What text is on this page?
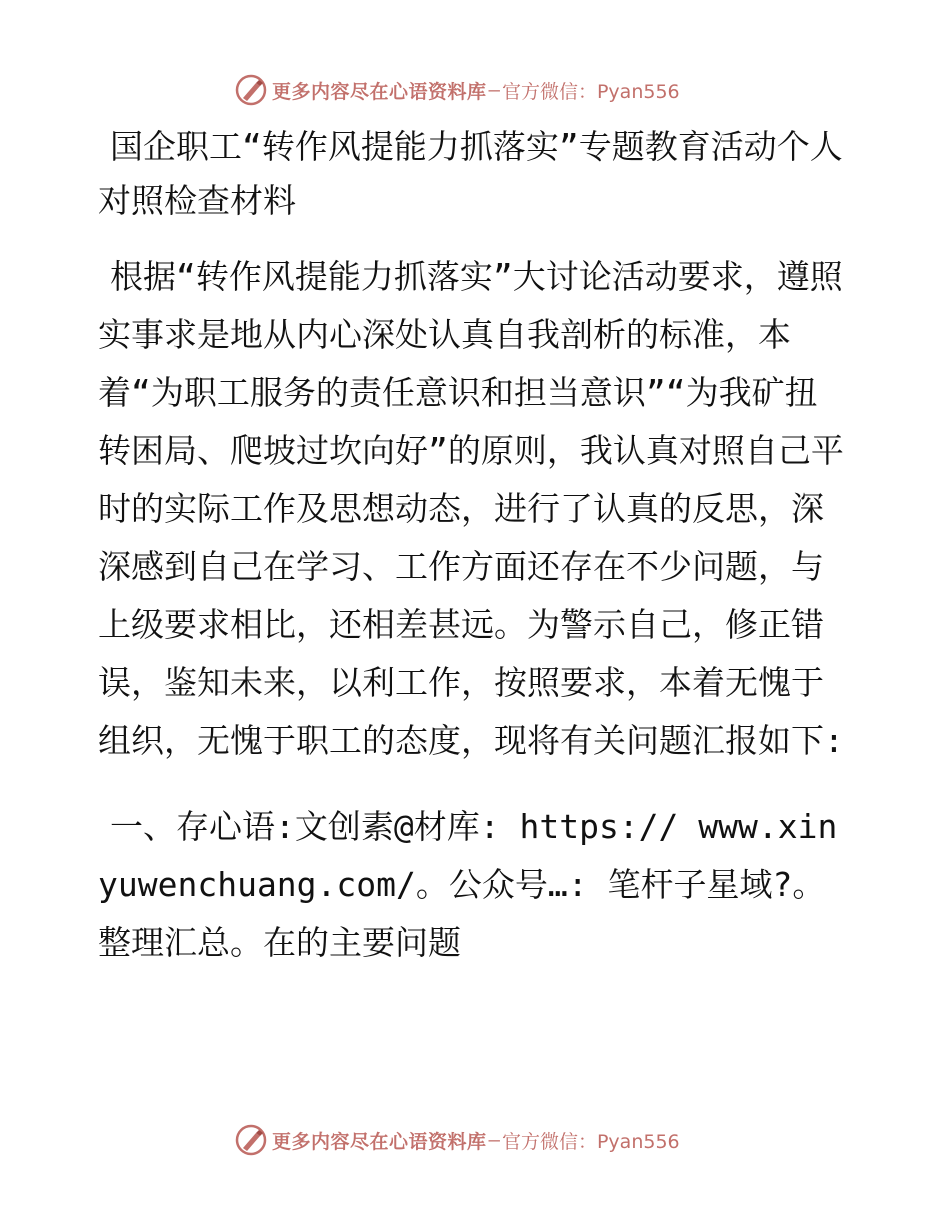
更多内容尽在心语资料库 — 官方微信：Pyan556
国企职工“转作风提能力抓落实”专题教育活动个人对照检查材料

根据“转作风提能力抓落实”大讨论活动要求，遵照实事求是地从内心深处认真自我剖析的标准，本着“为职工服务的责任意识和担当意识”“为我矿扭转困局、爬坡过坎向好”的原则，我认真对照自己平时的实际工作及思想动态，进行了认真的反思，深深感到自己在学习、工作方面还存在不少问题，与上级要求相比，还相差甚远。为警示自己，修正错误，鉴知未来，以利工作，按照要求，本着无愧于组织，无愧于职工的态度，现将有关问题汇报如下:

一、存心语:文创素@材库: https:// www.xinyuwenchuang.com/。公众号…: 笔杆子星域?。整理汇总。在的主要问题

更多内容尽在心语资料库 — 官方微信：Pyan556
